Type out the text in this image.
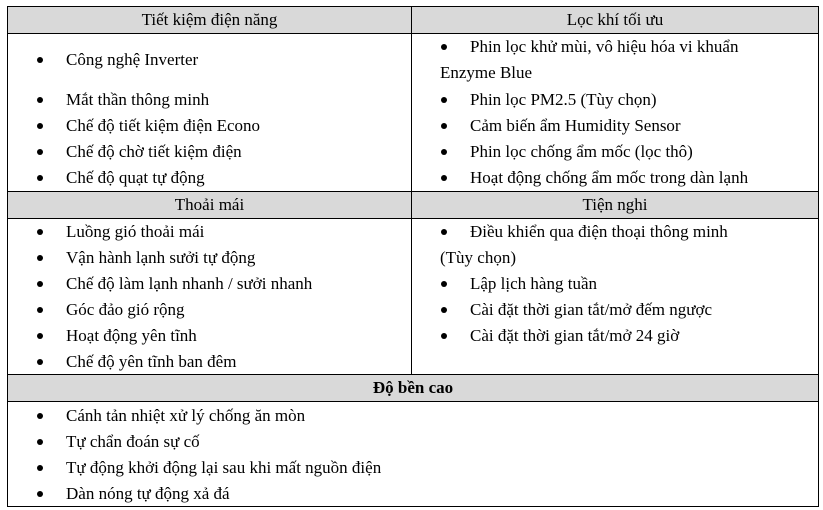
Tiết kiệm điện năng	Lọc khí tối ưu
Thoải mái	Tiện nghi
Độ bền cao
Công nghệ Inverter
Mắt thần thông minh
Chế độ tiết kiệm điện Econo
Chế độ chờ tiết kiệm điện
Chế độ quạt tự động
Phin lọc khử mùi, vô hiệu hóa vi khuẩn
Enzyme Blue
Phin lọc PM2.5 (Tùy chọn)
Cảm biến ẩm Humidity Sensor
Phin lọc chống ẩm mốc (lọc thô)
Hoạt động chống ẩm mốc trong dàn lạnh
Luồng gió thoải mái
Vận hành lạnh sưởi tự động
Chế độ làm lạnh nhanh / sưởi nhanh
Góc đảo gió rộng
Hoạt động yên tĩnh
Chế độ yên tĩnh ban đêm
Điều khiển qua điện thoại thông minh
(Tùy chọn)
Lập lịch hàng tuần
Cài đặt thời gian tắt/mở đếm ngược
Cài đặt thời gian tắt/mở 24 giờ
Cánh tản nhiệt xử lý chống ăn mòn
Tự chẩn đoán sự cố
Tự động khởi động lại sau khi mất nguồn điện
Dàn nóng tự động xả đá
